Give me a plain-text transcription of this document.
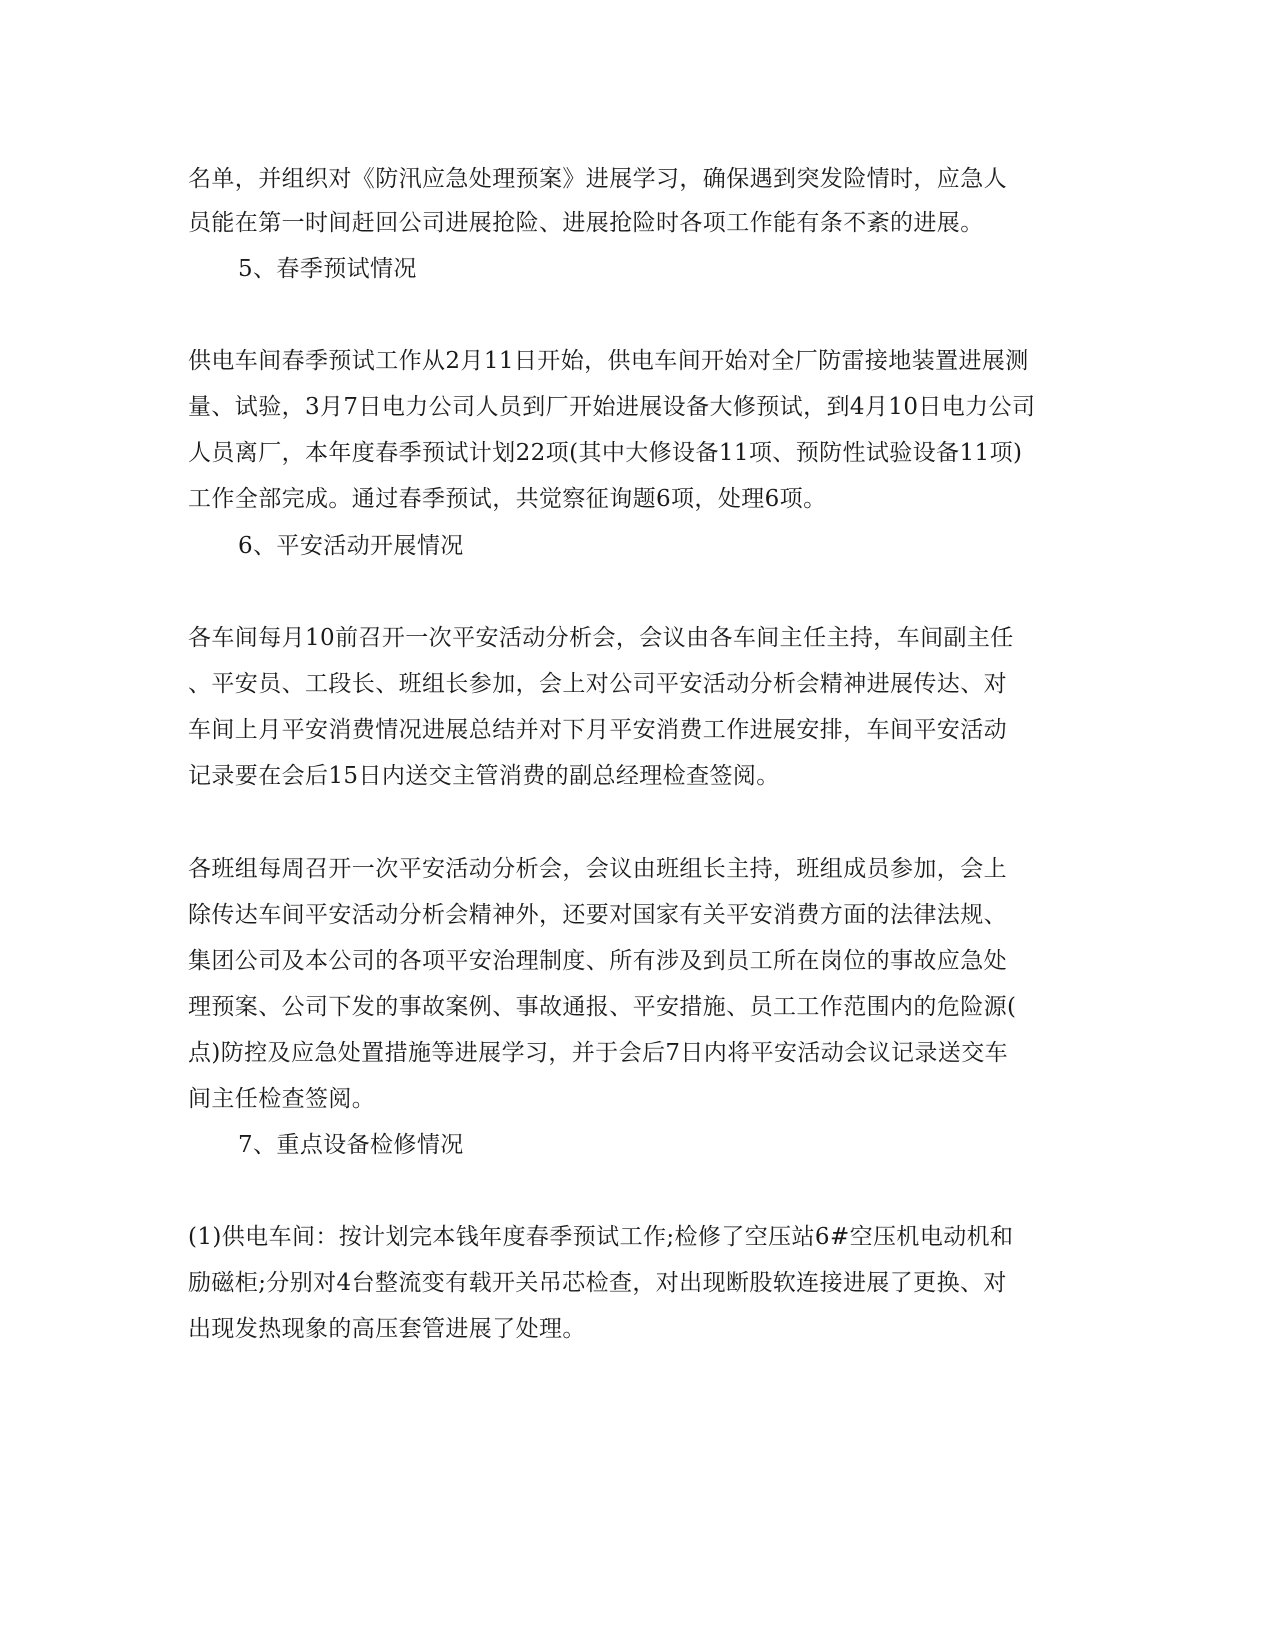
名单，并组织对《防汛应急处理预案》进展学习，确保遇到突发险情时，应急人
员能在第一时间赶回公司进展抢险、进展抢险时各项工作能有条不紊的进展。
5、春季预试情况
供电车间春季预试工作从2月11日开始，供电车间开始对全厂防雷接地装置进展测
量、试验，3月7日电力公司人员到厂开始进展设备大修预试，到4月10日电力公司
人员离厂，本年度春季预试计划22项(其中大修设备11项、预防性试验设备11项)
工作全部完成。通过春季预试，共觉察征询题6项，处理6项。
6、平安活动开展情况
各车间每月10前召开一次平安活动分析会，会议由各车间主任主持，车间副主任
、平安员、工段长、班组长参加，会上对公司平安活动分析会精神进展传达、对
车间上月平安消费情况进展总结并对下月平安消费工作进展安排，车间平安活动
记录要在会后15日内送交主管消费的副总经理检查签阅。
各班组每周召开一次平安活动分析会，会议由班组长主持，班组成员参加，会上
除传达车间平安活动分析会精神外，还要对国家有关平安消费方面的法律法规、
集团公司及本公司的各项平安治理制度、所有涉及到员工所在岗位的事故应急处
理预案、公司下发的事故案例、事故通报、平安措施、员工工作范围内的危险源(
点)防控及应急处置措施等进展学习，并于会后7日内将平安活动会议记录送交车
间主任检查签阅。
7、重点设备检修情况
(1)供电车间：按计划完本钱年度春季预试工作;检修了空压站6#空压机电动机和
励磁柜;分别对4台整流变有载开关吊芯检查，对出现断股软连接进展了更换、对
出现发热现象的高压套管进展了处理。
